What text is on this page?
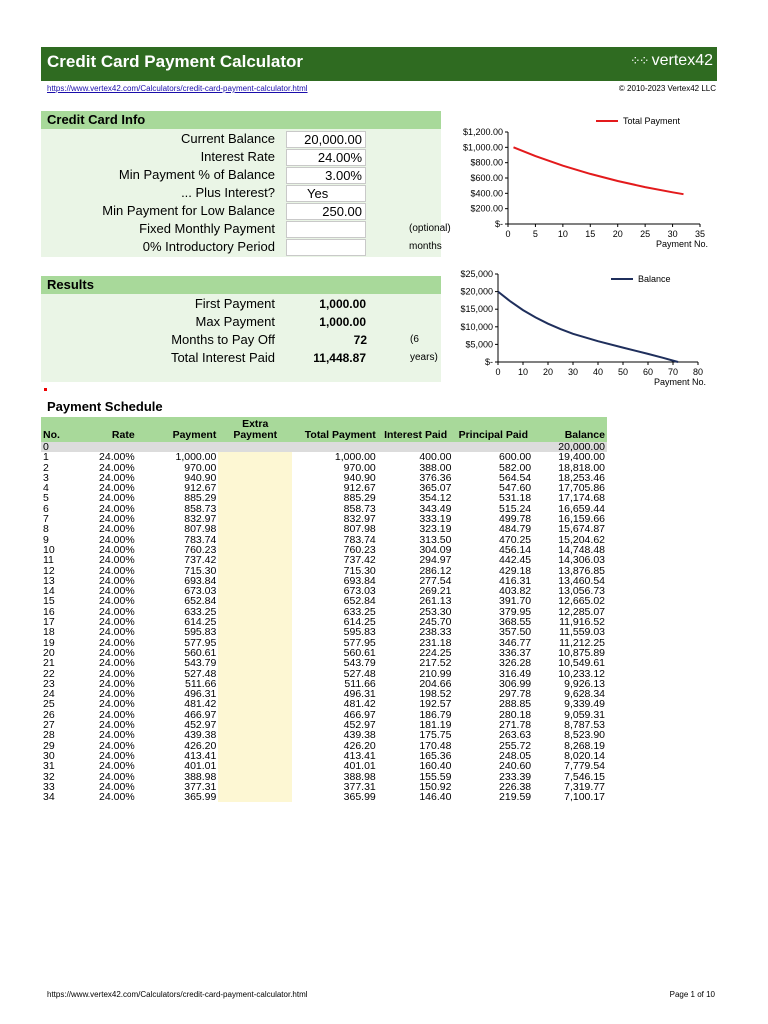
Credit Card Payment Calculator	⁘⁘ vertex42
https://www.vertex42.com/Calculators/credit-card-payment-calculator.html	© 2010-2023 Vertex42 LLC
Credit Card Info
Current Balance	20,000.00
Interest Rate	24.00%
Min Payment % of Balance	3.00%
... Plus Interest?	Yes
Min Payment for Low Balance	250.00
Fixed Monthly Payment	(optional)
0% Introductory Period	months
Results
First Payment	1,000.00
Max Payment	1,000.00
Months to Pay Off	72	(6 years)
Total Interest Paid	11,448.87
$-
$200.00
$400.00
$600.00
$800.00
$1,000.00
$1,200.00
0 5 10 15 20 25 30 35
Payment No.
Total Payment
$-
$5,000
$10,000
$15,000
$20,000
$25,000
0 10 20 30 40 50 60 70 80
Payment No.
Balance
Payment Schedule
No.	Rate	Payment	Extra Payment	Total Payment	Interest Paid	Principal Paid	Balance
0							20,000.00
1	24.00%	1,000.00		1,000.00	400.00	600.00	19,400.00
2	24.00%	970.00		970.00	388.00	582.00	18,818.00
3	24.00%	940.90		940.90	376.36	564.54	18,253.46
4	24.00%	912.67		912.67	365.07	547.60	17,705.86
5	24.00%	885.29		885.29	354.12	531.18	17,174.68
6	24.00%	858.73		858.73	343.49	515.24	16,659.44
7	24.00%	832.97		832.97	333.19	499.78	16,159.66
8	24.00%	807.98		807.98	323.19	484.79	15,674.87
9	24.00%	783.74		783.74	313.50	470.25	15,204.62
10	24.00%	760.23		760.23	304.09	456.14	14,748.48
11	24.00%	737.42		737.42	294.97	442.45	14,306.03
12	24.00%	715.30		715.30	286.12	429.18	13,876.85
13	24.00%	693.84		693.84	277.54	416.31	13,460.54
14	24.00%	673.03		673.03	269.21	403.82	13,056.73
15	24.00%	652.84		652.84	261.13	391.70	12,665.02
16	24.00%	633.25		633.25	253.30	379.95	12,285.07
17	24.00%	614.25		614.25	245.70	368.55	11,916.52
18	24.00%	595.83		595.83	238.33	357.50	11,559.03
19	24.00%	577.95		577.95	231.18	346.77	11,212.25
20	24.00%	560.61		560.61	224.25	336.37	10,875.89
21	24.00%	543.79		543.79	217.52	326.28	10,549.61
22	24.00%	527.48		527.48	210.99	316.49	10,233.12
23	24.00%	511.66		511.66	204.66	306.99	9,926.13
24	24.00%	496.31		496.31	198.52	297.78	9,628.34
25	24.00%	481.42		481.42	192.57	288.85	9,339.49
26	24.00%	466.97		466.97	186.79	280.18	9,059.31
27	24.00%	452.97		452.97	181.19	271.78	8,787.53
28	24.00%	439.38		439.38	175.75	263.63	8,523.90
29	24.00%	426.20		426.20	170.48	255.72	8,268.19
30	24.00%	413.41		413.41	165.36	248.05	8,020.14
31	24.00%	401.01		401.01	160.40	240.60	7,779.54
32	24.00%	388.98		388.98	155.59	233.39	7,546.15
33	24.00%	377.31		377.31	150.92	226.38	7,319.77
34	24.00%	365.99		365.99	146.40	219.59	7,100.17
https://www.vertex42.com/Calculators/credit-card-payment-calculator.html	Page 1 of 10
